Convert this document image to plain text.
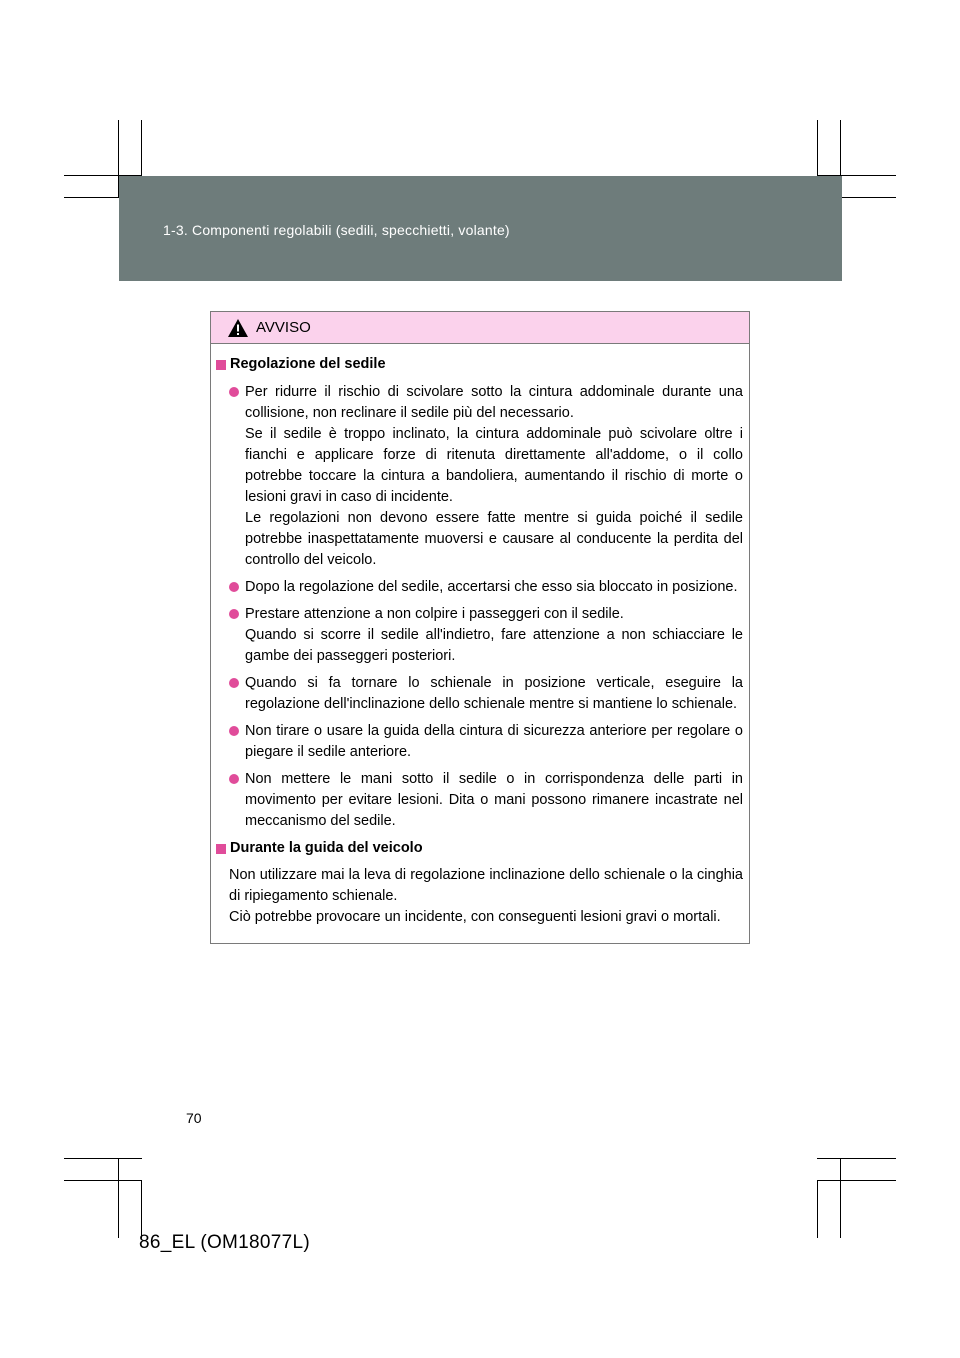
1-3. Componenti regolabili (sedili, specchietti, volante)
AVVISO
Regolazione del sedile

Per ridurre il rischio di scivolare sotto la cintura addominale durante una collisione, non reclinare il sedile più del necessario.

Se il sedile è troppo inclinato, la cintura addominale può scivolare oltre i fianchi e applicare forze di ritenuta direttamente all'addome, o il collo potrebbe toccare la cintura a bandoliera, aumentando il rischio di morte o lesioni gravi in caso di incidente.

Le regolazioni non devono essere fatte mentre si guida poiché il sedile potrebbe inaspettatamente muoversi e causare al conducente la perdita del controllo del veicolo.

Dopo la regolazione del sedile, accertarsi che esso sia bloccato in posizione.

Prestare attenzione a non colpire i passeggeri con il sedile.

Quando si scorre il sedile all'indietro, fare attenzione a non schiacciare le gambe dei passeggeri posteriori.

Quando si fa tornare lo schienale in posizione verticale, eseguire la regolazione dell'inclinazione dello schienale mentre si mantiene lo schienale.

Non tirare o usare la guida della cintura di sicurezza anteriore per regolare o piegare il sedile anteriore.

Non mettere le mani sotto il sedile o in corrispondenza delle parti in movimento per evitare lesioni. Dita o mani possono rimanere incastrate nel meccanismo del sedile.

Durante la guida del veicolo

Non utilizzare mai la leva di regolazione inclinazione dello schienale o la cinghia di ripiegamento schienale.

Ciò potrebbe provocare un incidente, con conseguenti lesioni gravi o mortali.

70
86_EL (OM18077L)
